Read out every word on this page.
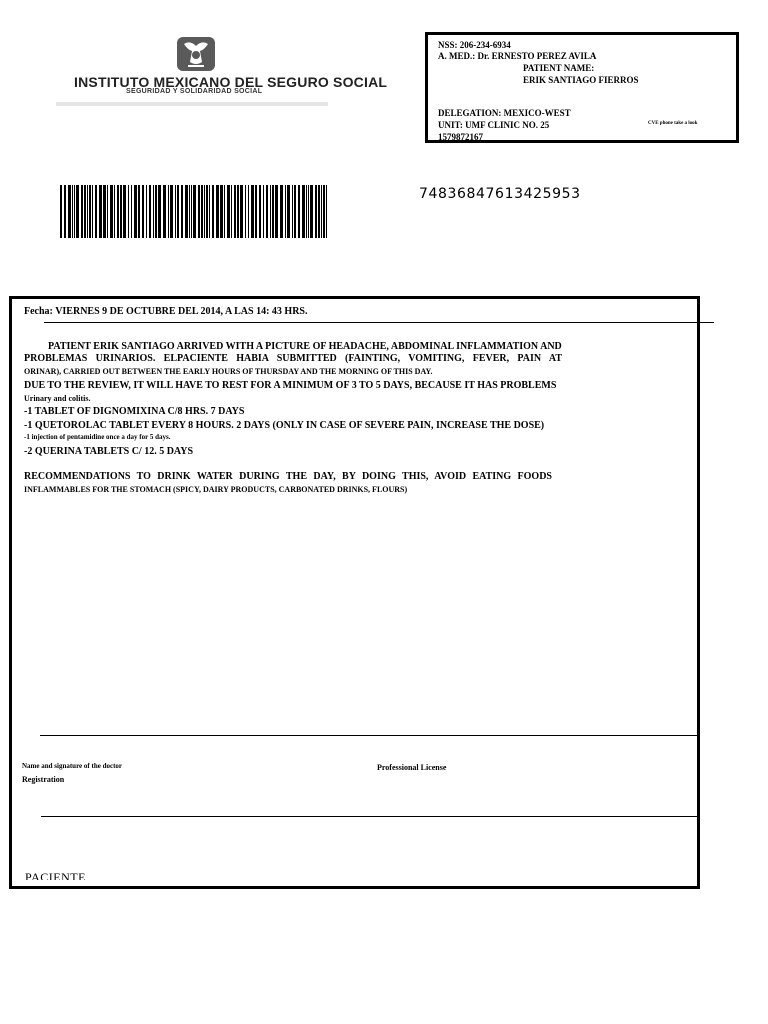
INSTITUTO MEXICANO DEL SEGURO SOCIAL
SEGURIDAD Y SOLIDARIDAD SOCIAL
NSS: 206-234-6934
A. MED.: Dr. ERNESTO PEREZ AVILA
PATIENT NAME:
ERIK SANTIAGO FIERROS
DELEGATION: MEXICO-WEST
UNIT: UMF CLINIC NO. 25
1579872167
CVE phone take a look
74836847613425953
Fecha: VIERNES 9 DE OCTUBRE DEL 2014, A LAS 14: 43 HRS.
PATIENT ERIK SANTIAGO ARRIVED WITH A PICTURE OF HEADACHE, ABDOMINAL INFLAMMATION AND
PROBLEMAS URINARIOS. ELPACIENTE HABIA SUBMITTED (FAINTING, VOMITING, FEVER, PAIN AT
ORINAR), CARRIED OUT BETWEEN THE EARLY HOURS OF THURSDAY AND THE MORNING OF THIS DAY.
DUE TO THE REVIEW, IT WILL HAVE TO REST FOR A MINIMUM OF 3 TO 5 DAYS, BECAUSE IT HAS PROBLEMS
Urinary and colitis.
-1 TABLET OF DIGNOMIXINA C/8 HRS. 7 DAYS
-1 QUETOROLAC TABLET EVERY 8 HOURS. 2 DAYS (ONLY IN CASE OF SEVERE PAIN, INCREASE THE DOSE)
-1 injection of pentamidine once a day for 5 days.
-2 QUERINA TABLETS C/ 12. 5 DAYS
RECOMMENDATIONS TO DRINK WATER DURING THE DAY, BY DOING THIS, AVOID EATING FOODS
INFLAMMABLES FOR THE STOMACH (SPICY, DAIRY PRODUCTS, CARBONATED DRINKS, FLOURS)
Name and signature of the doctor	Professional License
Registration
PACIENTE
